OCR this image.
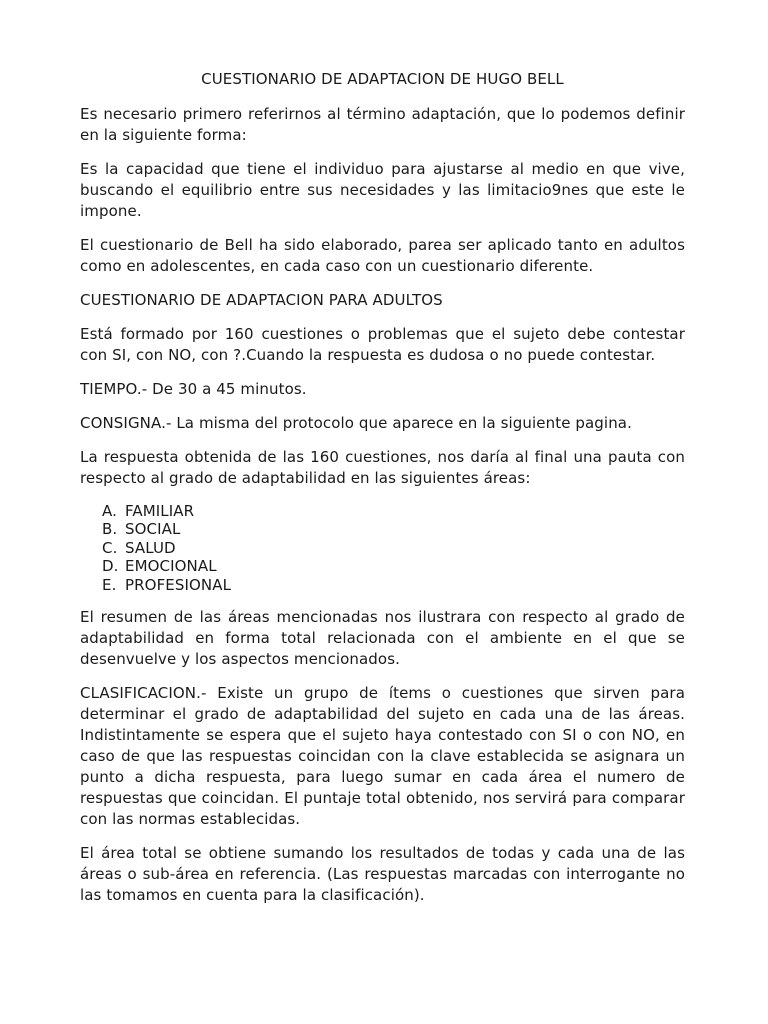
CUESTIONARIO DE ADAPTACION DE HUGO BELL

Es necesario primero referirnos al término adaptación, que lo podemos definir en la siguiente forma:

Es la capacidad que tiene el individuo para ajustarse al medio en que vive, buscando el equilibrio entre sus necesidades y las limitacio9nes que este le impone.

El cuestionario de Bell ha sido elaborado, parea ser aplicado tanto en adultos como en adolescentes, en cada caso con un cuestionario diferente.

CUESTIONARIO DE ADAPTACION PARA ADULTOS

Está formado por 160 cuestiones o problemas que el sujeto debe contestar con SI, con NO, con ?.Cuando la respuesta es dudosa o no puede contestar.

TIEMPO.- De 30 a 45 minutos.

CONSIGNA.- La misma del protocolo que aparece en la siguiente pagina.

La respuesta obtenida de las 160 cuestiones, nos daría al final una pauta con respecto al grado de adaptabilidad en las siguientes áreas:

A. FAMILIAR
B. SOCIAL
C. SALUD
D. EMOCIONAL
E. PROFESIONAL

El resumen de las áreas mencionadas nos ilustrara con respecto al grado de adaptabilidad en forma total relacionada con el ambiente en el que se desenvuelve y los aspectos mencionados.

CLASIFICACION.- Existe un grupo de ítems o cuestiones que sirven para determinar el grado de adaptabilidad del sujeto en cada una de las áreas. Indistintamente se espera que el sujeto haya contestado con SI o con NO, en caso de que las respuestas coincidan con la clave establecida se asignara un punto a dicha respuesta, para luego sumar en cada área el numero de respuestas que coincidan. El puntaje total obtenido, nos servirá para comparar con las normas establecidas.

El área total se obtiene sumando los resultados de todas y cada una de las áreas o sub-área en referencia. (Las respuestas marcadas con interrogante no las tomamos en cuenta para la clasificación).
